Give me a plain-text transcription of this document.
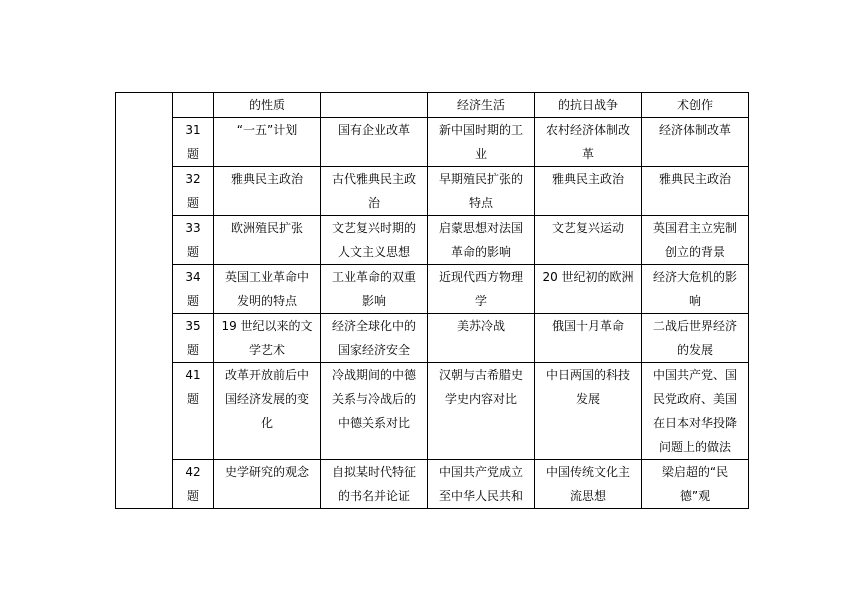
		的性质		经济生活	的抗日战争	术创作
	31 题	“一五”计划	国有企业改革	新中国时期的工业	农村经济体制改革	经济体制改革
	32 题	雅典民主政治	古代雅典民主政治	早期殖民扩张的特点	雅典民主政治	雅典民主政治
	33 题	欧洲殖民扩张	文艺复兴时期的人文主义思想	启蒙思想对法国革命的影响	文艺复兴运动	英国君主立宪制创立的背景
	34 题	英国工业革命中发明的特点	工业革命的双重影响	近现代西方物理学	20 世纪初的欧洲	经济大危机的影响
	35 题	19 世纪以来的文学艺术	经济全球化中的国家经济安全	美苏冷战	俄国十月革命	二战后世界经济的发展
	41 题	改革开放前后中国经济发展的变化	冷战期间的中德关系与冷战后的中德关系对比	汉朝与古希腊史学史内容对比	中日两国的科技发展	中国共产党、国民党政府、美国在日本对华投降问题上的做法
	42 题	史学研究的观念	自拟某时代特征的书名并论证	中国共产党成立至中华人民共和	中国传统文化主流思想	梁启超的“民德”观
